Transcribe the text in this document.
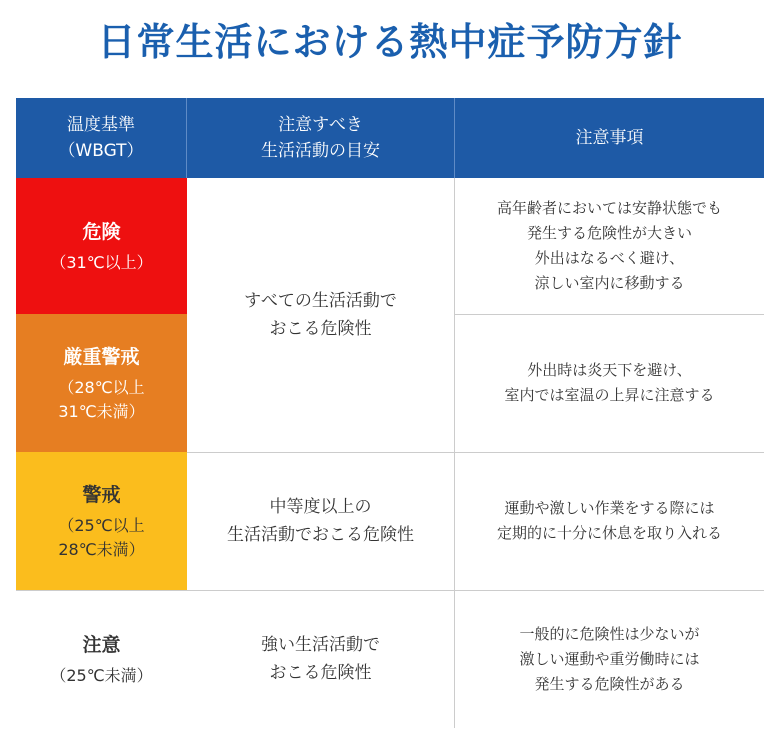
日常生活における熱中症予防方針
温度基準
（WBGT）
注意すべき
生活活動の目安
注意事項
危険
（31℃以上）
厳重警戒
（28℃以上
31℃未満）
警戒
（25℃以上
28℃未満）
注意
（25℃未満）
すべての生活活動で
おこる危険性
中等度以上の
生活活動でおこる危険性
強い生活活動で
おこる危険性
高年齢者においては安静状態でも
発生する危険性が大きい
外出はなるべく避け、
涼しい室内に移動する
外出時は炎天下を避け、
室内では室温の上昇に注意する
運動や激しい作業をする際には
定期的に十分に休息を取り入れる
一般的に危険性は少ないが
激しい運動や重労働時には
発生する危険性がある
